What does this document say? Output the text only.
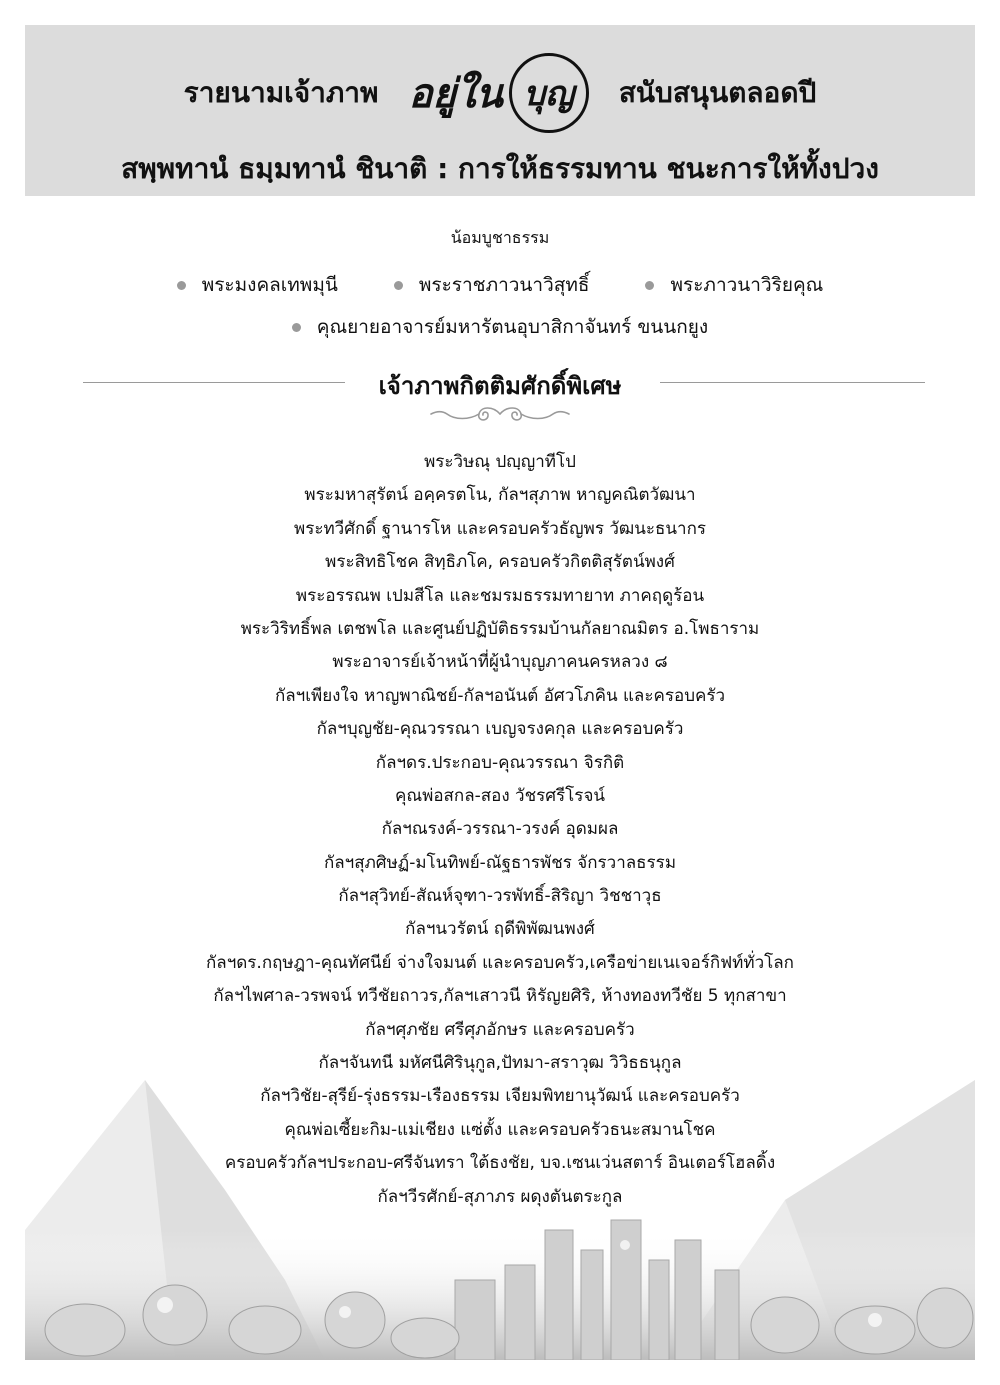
รายนามเจ้าภาพ อยู่ใน บุญ สนับสนุนตลอดปี
สพฺพทานํ ธมฺมทานํ ชินาติ : การให้ธรรมทาน ชนะการให้ทั้งปวง
น้อมบูชาธรรม
พระมงคลเทพมุนี	พระราชภาวนาวิสุทธิ์	พระภาวนาวิริยคุณ
คุณยายอาจารย์มหารัตนอุบาสิกาจันทร์ ขนนกยูง
เจ้าภาพกิตติมศักดิ์พิเศษ
พระวิษณุ ปญฺญาทีโป
พระมหาสุรัตน์ อคฺครตโน, กัลฯสุภาพ หาญคณิตวัฒนา
พระทวีศักดิ์ ฐานารโห และครอบครัวธัญพร วัฒนะธนากร
พระสิทธิโชค สิทฺธิภโค, ครอบครัวกิตติสุรัตน์พงศ์
พระอรรณพ เปมสีโล และชมรมธรรมทายาท ภาคฤดูร้อน
พระวิริทธิ์พล เตชพโล และศูนย์ปฏิบัติธรรมบ้านกัลยาณมิตร อ.โพธาราม
พระอาจารย์เจ้าหน้าที่ผู้นำบุญภาคนครหลวง ๘
กัลฯเพียงใจ หาญพาณิชย์-กัลฯอนันต์ อัศวโภคิน และครอบครัว
กัลฯบุญชัย-คุณวรรณา เบญจรงคกุล และครอบครัว
กัลฯดร.ประกอบ-คุณวรรณา จิรกิติ
คุณพ่อสกล-สอง วัชรศรีโรจน์
กัลฯณรงค์-วรรณา-วรงค์ อุดมผล
กัลฯสุภศิษฏ์-มโนทิพย์-ณัฐธารพัชร จักรวาลธรรม
กัลฯสุวิทย์-สัณห์จุฑา-วรพัทธิ์-สิริญา วิชชาวุธ
กัลฯนวรัตน์ ฤดีพิพัฒนพงศ์
กัลฯดร.กฤษฎา-คุณทัศนีย์ จ่างใจมนต์ และครอบครัว,เครือข่ายเนเจอร์กิฟท์ทั่วโลก
กัลฯไพศาล-วรพจน์ ทวีชัยถาวร,กัลฯเสาวนี หิรัญยศิริ, ห้างทองทวีชัย 5 ทุกสาขา
กัลฯศุภชัย ศรีศุภอักษร และครอบครัว
กัลฯจันทนี มหัศนีศิรินุกูล,ปัทมา-สราวุฒ วิวิธธนุกูล
กัลฯวิชัย-สุรีย์-รุ่งธรรม-เรืองธรรม เจียมพิทยานุวัฒน์ และครอบครัว
คุณพ่อเซี้ยะกิม-แม่เชียง แซ่ตั้ง และครอบครัวธนะสมานโชค
ครอบครัวกัลฯประกอบ-ศรีจันทรา ใต้ธงชัย, บจ.เซนเว่นสตาร์ อินเตอร์โฮลดิ้ง
กัลฯวีรศักย์-สุภาภร ผดุงตันตระกูล
